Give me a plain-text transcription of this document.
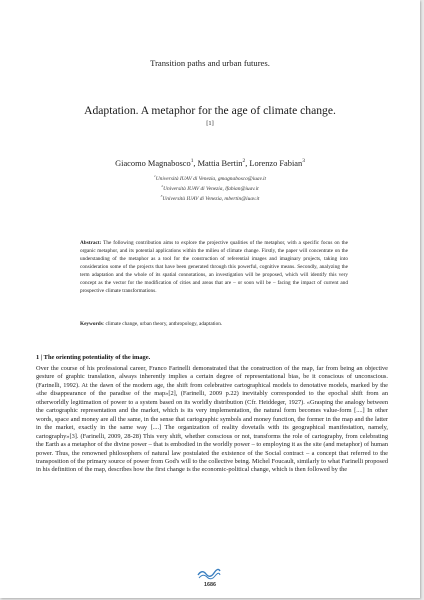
Transition paths and urban futures.
Adaptation. A metaphor for the age of climate change.
[1]
Giacomo Magnabosco$^1$, Mattia Bertin$^2$, Lorenzo Fabian$^3$
$^1$Università IUAV di Venezia, gmagnabosco@iuav.it
$^2$Università IUAV di Venezia, lfabian@iuav.it
$^3$Università IUAV di Venezia, mbertin@iuav.it
Abstract: The following contribution aims to explore the projective qualities of the metaphor, with a specific focus on the organic metaphor, and its potential applications within the milieu of climate change. Firstly, the paper will concentrate on the understanding of the metaphor as a tool for the construction of referential images and imaginary projects, taking into consideration some of the projects that have been generated through this powerful, cognitive means. Secondly, analyzing the term adaptation and the whole of its spatial connotations, an investigation will be proposed, which will identify this very concept as the vector for the modification of cities and areas that are – or soon will be – facing the impact of current and prospective climate transformations.
Keywords: climate change, urban theory, anthropology, adaptation.
1 | The orienting potentiality of the image.
Over the course of his professional career, Franco Farinelli demonstrated that the construction of the map, far from being an objective gesture of graphic translation, always inherently implies a certain degree of representational bias, be it conscious of unconscious. (Farinelli, 1992). At the dawn of the modern age, the shift from celebrative cartographical models to denotative models, marked by the «the disappearance of the paradise of the map»[2], (Farinelli, 2009 p.22) inevitably corresponded to the epochal shift from an otherworldly legitimation of power to a system based on its worldly distribution (Cfr. Heiddeger, 1927). «Grasping the analogy between the cartographic representation and the market, which is its very implementation, the natural form becomes value-form [....] In other words, space and money are all the same, in the sense that cartographic symbols and money function, the former in the map and the latter in the market, exactly in the same way [....] The organization of reality dovetails with its geographical manifestation, namely, cartography»[3]. (Farinelli, 2009, 28-28) This very shift, whether conscious or not, transforms the role of cartography, from celebrating the Earth as a metaphor of the divine power – that is embodied in the worldly power – to employing it as the site (and metaphor) of human power. Thus, the renowned philosophers of natural law postulated the existence of the Social contract – a concept that referred to the transposition of the primary source of power from God's will to the collective being. Michel Foucault, similarly to what Farinelli proposed in his definition of the map, describes how the first change is the economic-political change, which is then followed by the
1686
